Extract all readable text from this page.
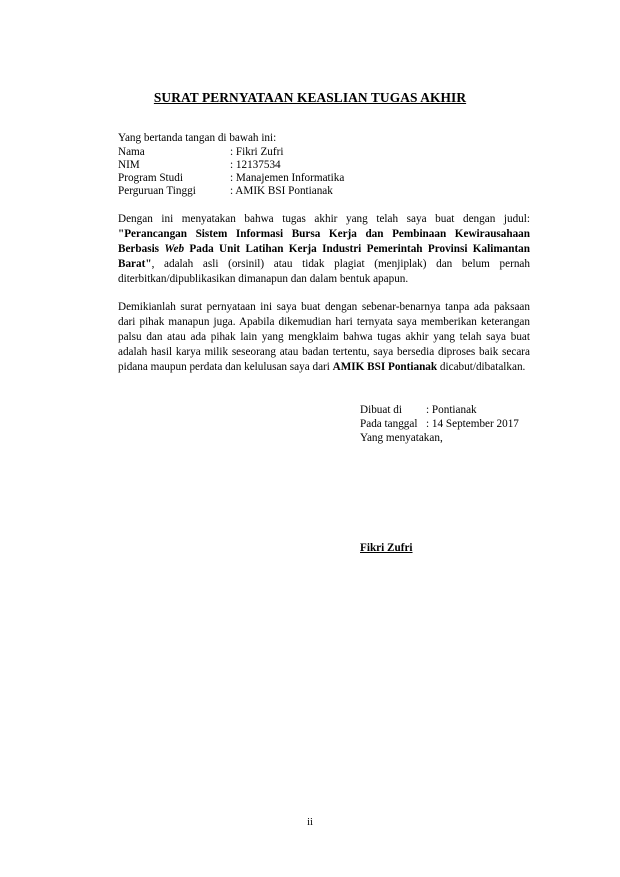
SURAT PERNYATAAN KEASLIAN TUGAS AKHIR
Yang bertanda tangan di bawah ini:
Nama	: Fikri Zufri
NIM	: 12137534
Program Studi	: Manajemen Informatika
Perguruan Tinggi	: AMIK BSI Pontianak
Dengan ini menyatakan bahwa tugas akhir yang telah saya buat dengan judul: "Perancangan Sistem Informasi Bursa Kerja dan Pembinaan Kewirausahaan Berbasis Web Pada Unit Latihan Kerja Industri Pemerintah Provinsi Kalimantan Barat", adalah asli (orsinil) atau tidak plagiat (menjiplak) dan belum pernah diterbitkan/dipublikasikan dimanapun dan dalam bentuk apapun.
Demikianlah surat pernyataan ini saya buat dengan sebenar-benarnya tanpa ada paksaan dari pihak manapun juga. Apabila dikemudian hari ternyata saya memberikan keterangan palsu dan atau ada pihak lain yang mengklaim bahwa tugas akhir yang telah saya buat adalah hasil karya milik seseorang atau badan tertentu, saya bersedia diproses baik secara pidana maupun perdata dan kelulusan saya dari AMIK BSI Pontianak dicabut/dibatalkan.
Dibuat di	: Pontianak
Pada tanggal : 14 September 2017
Yang menyatakan,
Fikri Zufri
ii
